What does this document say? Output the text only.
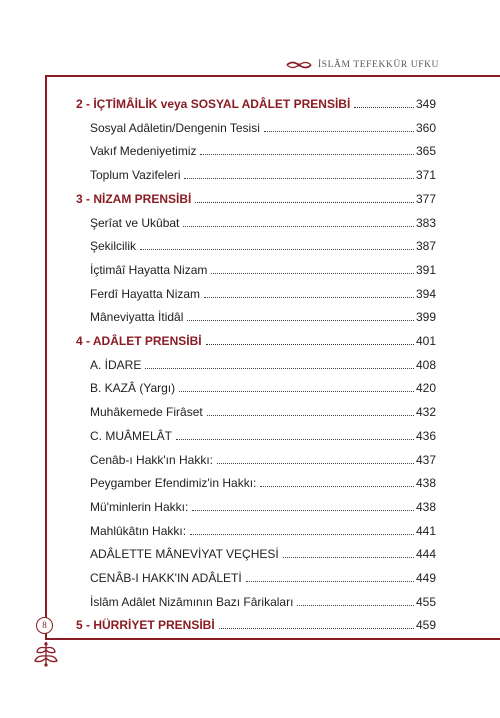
İSLÂM TEFEKKÜR UFKU
2 - İÇTİMÂİLİK veya SOSYAL ADÂLET PRENSİBİ	349
Sosyal Adâletin/Dengenin Tesisi	360
Vakıf Medeniyetimiz	365
Toplum Vazifeleri	371
3 - NİZAM PRENSİBİ	377
Şerîat ve Ukûbat	383
Şekilcilik	387
İçtimâî Hayatta Nizam	391
Ferdî Hayatta Nizam	394
Mâneviyatta İtidâl	399
4 - ADÂLET PRENSİBİ	401
A. İDARE	408
B. KAZÂ (Yargı)	420
Muhâkemede Firâset	432
C. MUÂMELÂT	436
Cenâb-ı Hakk'ın Hakkı:	437
Peygamber Efendimiz'in Hakkı:	438
Mü'minlerin Hakkı:	438
Mahlûkâtın Hakkı:	441
ADÂLETTE MÂNEVİYAT VEÇHESİ	444
CENÂB-I HAKK'IN ADÂLETİ	449
İslâm Adâlet Nizâmının Bazı Fârikaları	455
5 - HÜRRİYET PRENSİBİ	459
8
